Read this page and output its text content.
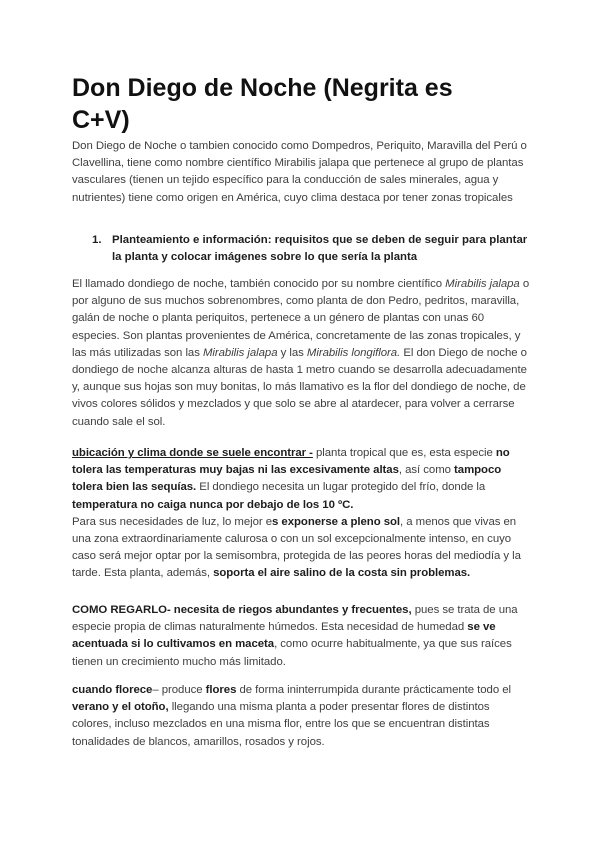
Don Diego de Noche (Negrita es C+V)

Don Diego de Noche o tambien conocido como Dompedros, Periquito, Maravilla del Perú o Clavellina, tiene como nombre científico Mirabilis jalapa que pertenece al grupo de plantas vasculares (tienen un tejido específico para la conducción de sales minerales, agua y nutrientes) tiene como origen en América, cuyo clima destaca por tener zonas tropicales

1. Planteamiento e información: requisitos que se deben de seguir para plantar la planta y colocar imágenes sobre lo que sería la planta

El llamado dondiego de noche, también conocido por su nombre científico Mirabilis jalapa o por alguno de sus muchos sobrenombres, como planta de don Pedro, pedritos, maravilla, galán de noche o planta periquitos, pertenece a un género de plantas con unas 60 especies. Son plantas provenientes de América, concretamente de las zonas tropicales, y las más utilizadas son las Mirabilis jalapa y las Mirabilis longiflora. El don Diego de noche o dondiego de noche alcanza alturas de hasta 1 metro cuando se desarrolla adecuadamente y, aunque sus hojas son muy bonitas, lo más llamativo es la flor del dondiego de noche, de vivos colores sólidos y mezclados y que solo se abre al atardecer, para volver a cerrarse cuando sale el sol.

ubicación y clima donde se suele encontrar - planta tropical que es, esta especie no tolera las temperaturas muy bajas ni las excesivamente altas, así como tampoco tolera bien las sequías. El dondiego necesita un lugar protegido del frío, donde la temperatura no caiga nunca por debajo de los 10 ºC.
Para sus necesidades de luz, lo mejor es exponerse a pleno sol, a menos que vivas en una zona extraordinariamente calurosa o con un sol excepcionalmente intenso, en cuyo caso será mejor optar por la semisombra, protegida de las peores horas del mediodía y la tarde. Esta planta, además, soporta el aire salino de la costa sin problemas.

COMO REGARLO- necesita de riegos abundantes y frecuentes, pues se trata de una especie propia de climas naturalmente húmedos. Esta necesidad de humedad se ve acentuada si lo cultivamos en maceta, como ocurre habitualmente, ya que sus raíces tienen un crecimiento mucho más limitado.

cuando florece– produce flores de forma ininterrumpida durante prácticamente todo el verano y el otoño, llegando una misma planta a poder presentar flores de distintos colores, incluso mezclados en una misma flor, entre los que se encuentran distintas tonalidades de blancos, amarillos, rosados y rojos.
